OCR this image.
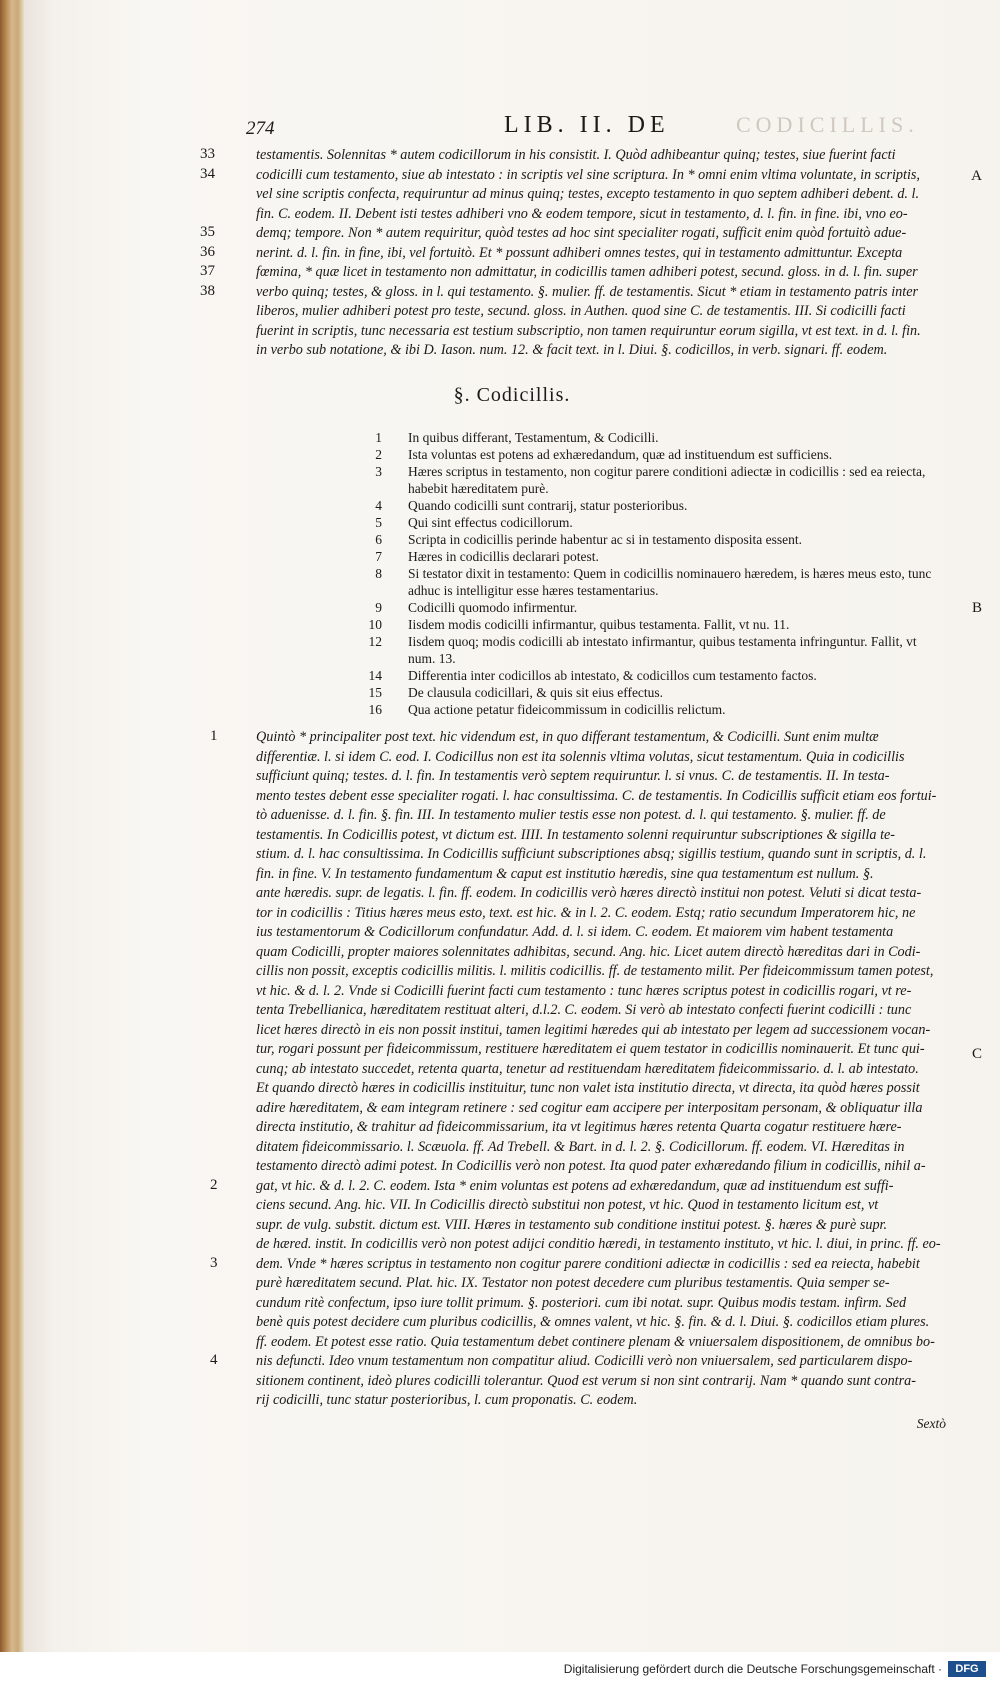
274	LIB. II. DE	CODICILLIS.

testamentis. Solennitas * autem codicillorum in his consistit. I. Quòd adhibeantur quinq; testes, siue fuerint facti

codicilli cum testamento, siue ab intestato : in scriptis vel sine scriptura. In * omni enim vltima voluntate, in scriptis,

vel sine scriptis confecta, requiruntur ad minus quinq; testes, excepto testamento in quo septem adhiberi debent. d. l.

fin. C. eodem. II. Debent isti testes adhiberi vno & eodem tempore, sicut in testamento, d. l. fin. in fine. ibi, vno eo-

demq; tempore. Non * autem requiritur, quòd testes ad hoc sint specialiter rogati, sufficit enim quòd fortuitò adue-

nerint. d. l. fin. in fine, ibi, vel fortuitò. Et * possunt adhiberi omnes testes, qui in testamento admittuntur. Excepta

fœmina, * quæ licet in testamento non admittatur, in codicillis tamen adhiberi potest, secund. gloss. in d. l. fin. super

verbo quinq; testes, & gloss. in l. qui testamento. §. mulier. ff. de testamentis. Sicut * etiam in testamento patris inter

liberos, mulier adhiberi potest pro teste, secund. gloss. in Authen. quod sine C. de testamentis. III. Si codicilli facti

fuerint in scriptis, tunc necessaria est testium subscriptio, non tamen requiruntur eorum sigilla, vt est text. in d. l. fin.

in verbo sub notatione, & ibi D. Iason. num. 12. & facit text. in l. Diui. §. codicillos, in verb. signari. ff. eodem.

A
§. Codicillis.
1 In quibus differant, Testamentum, & Codicilli.
2 Ista voluntas est potens ad exhæredandum, quæ ad instituendum est sufficiens.
3 Hæres scriptus in testamento, non cogitur parere conditioni adiectæ in codicillis : sed ea reiecta,
habebit hæreditatem purè.
4 Quando codicilli sunt contrarij, statur posterioribus.
5 Qui sint effectus codicillorum.
6 Scripta in codicillis perinde habentur ac si in testamento disposita essent.
7 Hæres in codicillis declarari potest.
8 Si testator dixit in testamento: Quem in codicillis nominauero hæredem, is hæres meus esto, tunc
adhuc is intelligitur esse hæres testamentarius.
9 Codicilli quomodo infirmentur.
10 Iisdem modis codicilli infirmantur, quibus testamenta. Fallit, vt nu. 11.
12 Iisdem quoq; modis codicilli ab intestato infirmantur, quibus testamenta infringuntur. Fallit, vt
num. 13.
14 Differentia inter codicillos ab intestato, & codicillos cum testamento factos.
15 De clausula codicillari, & quis sit eius effectus.
16 Qua actione petatur fideicommissum in codicillis relictum.
B

Quintò * principaliter post text. hic videndum est, in quo differant testamentum, & Codicilli. Sunt enim multæ

differentiæ. l. si idem C. eod. I. Codicillus non est ita solennis vltima volutas, sicut testamentum. Quia in codicillis

sufficiunt quinq; testes. d. l. fin. In testamentis verò septem requiruntur. l. si vnus. C. de testamentis. II. In testa-

mento testes debent esse specialiter rogati. l. hac consultissima. C. de testamentis. In Codicillis sufficit etiam eos fortui-

tò aduenisse. d. l. fin. §. fin. III. In testamento mulier testis esse non potest. d. l. qui testamento. §. mulier. ff. de

testamentis. In Codicillis potest, vt dictum est. IIII. In testamento solenni requiruntur subscriptiones & sigilla te-

stium. d. l. hac consultissima. In Codicillis sufficiunt subscriptiones absq; sigillis testium, quando sunt in scriptis, d. l.

fin. in fine. V. In testamento fundamentum & caput est institutio hæredis, sine qua testamentum est nullum. §.

ante hæredis. supr. de legatis. l. fin. ff. eodem. In codicillis verò hæres directò institui non potest. Veluti si dicat testa-

tor in codicillis : Titius hæres meus esto, text. est hic. & in l. 2. C. eodem. Estq; ratio secundum Imperatorem hic, ne

ius testamentorum & Codicillorum confundatur. Add. d. l. si idem. C. eodem. Et maiorem vim habent testamenta

quam Codicilli, propter maiores solennitates adhibitas, secund. Ang. hic. Licet autem directò hæreditas dari in Codi-

cillis non possit, exceptis codicillis militis. l. militis codicillis. ff. de testamento milit. Per fideicommissum tamen potest,

vt hic. & d. l. 2. Vnde si Codicilli fuerint facti cum testamento : tunc hæres scriptus potest in codicillis rogari, vt re-

tenta Trebellianica, hæreditatem restituat alteri, d.l.2. C. eodem. Si verò ab intestato confecti fuerint codicilli : tunc

licet hæres directò in eis non possit institui, tamen legitimi hæredes qui ab intestato per legem ad successionem vocan-

tur, rogari possunt per fideicommissum, restituere hæreditatem ei quem testator in codicillis nominauerit. Et tunc qui-

cunq; ab intestato succedet, retenta quarta, tenetur ad restituendam hæreditatem fideicommissario. d. l. ab intestato.

Et quando directò hæres in codicillis instituitur, tunc non valet ista institutio directa, vt directa, ita quòd hæres possit

adire hæreditatem, & eam integram retinere : sed cogitur eam accipere per interpositam personam, & obliquatur illa

directa institutio, & trahitur ad fideicommissarium, ita vt legitimus hæres retenta Quarta cogatur restituere hære-

ditatem fideicommissario. l. Scæuola. ff. Ad Trebell. & Bart. in d. l. 2. §. Codicillorum. ff. eodem. VI. Hæreditas in

testamento directò adimi potest. In Codicillis verò non potest. Ita quod pater exhæredando filium in codicillis, nihil a-

gat, vt hic. & d. l. 2. C. eodem. Ista * enim voluntas est potens ad exhæredandum, quæ ad instituendum est suffi-

ciens secund. Ang. hic. VII. In Codicillis directò substitui non potest, vt hic. Quod in testamento licitum est, vt

supr. de vulg. substit. dictum est. VIII. Hæres in testamento sub conditione institui potest. §. hæres & purè supr.

de hæred. instit. In codicillis verò non potest adijci conditio hæredi, in testamento instituto, vt hic. l. diui, in princ. ff. eo-

dem. Vnde * hæres scriptus in testamento non cogitur parere conditioni adiectæ in codicillis : sed ea reiecta, habebit

purè hæreditatem secund. Plat. hic. IX. Testator non potest decedere cum pluribus testamentis. Quia semper se-

cundum ritè confectum, ipso iure tollit primum. §. posteriori. cum ibi notat. supr. Quibus modis testam. infirm. Sed

benè quis potest decidere cum pluribus codicillis, & omnes valent, vt hic. §. fin. & d. l. Diui. §. codicillos etiam plures.

ff. eodem. Et potest esse ratio. Quia testamentum debet continere plenam & vniuersalem dispositionem, de omnibus bo-

nis defuncti. Ideo vnum testamentum non compatitur aliud. Codicilli verò non vniuersalem, sed particularem dispo-

sitionem continent, ideò plures codicilli tolerantur. Quod est verum si non sint contrarij. Nam * quando sunt contra-

rij codicilli, tunc statur posterioribus, l. cum proponatis. C. eodem.

C
Sextò
33
34
35
36
37
38
1
2
3
4
Digitalisierung gefördert durch die Deutsche Forschungsgemeinschaft ·	DFG
